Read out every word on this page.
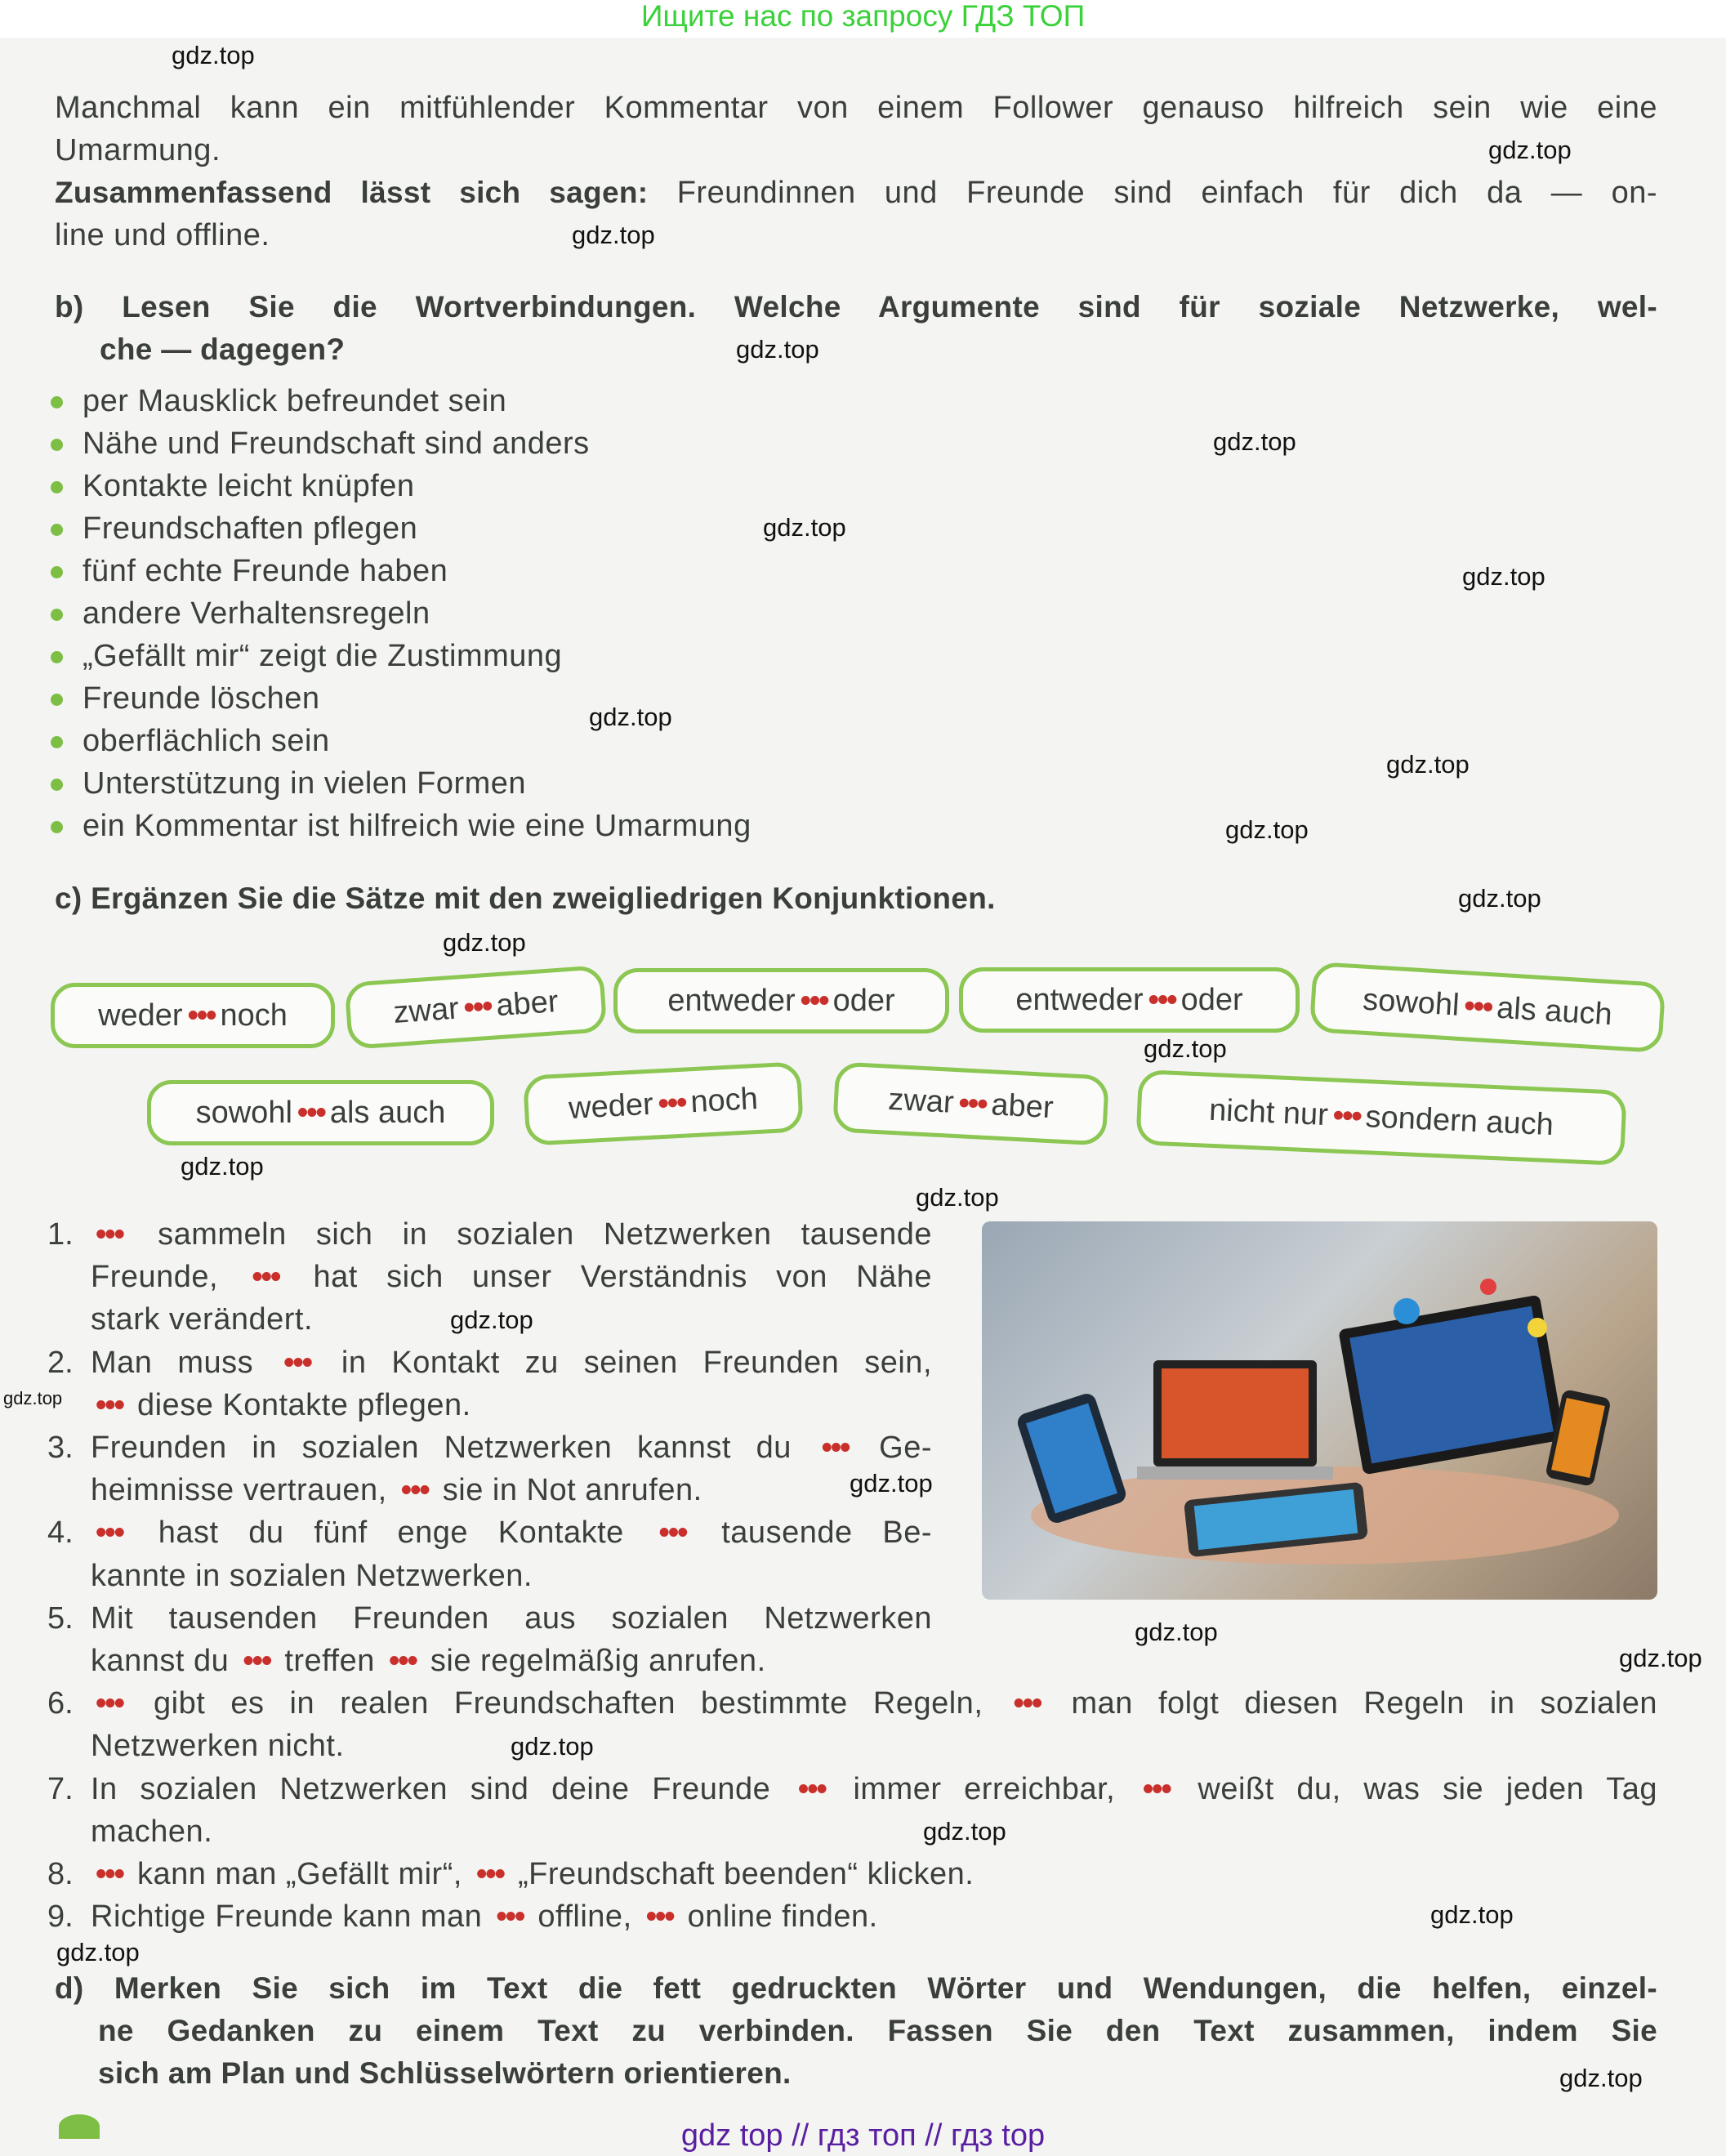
Ищите нас по запросу ГДЗ ТОП
Manchmal kann ein mitfühlender Kommentar von einem Follower genauso hilfreich sein wie eine
Umarmung.
Zusammenfassend lässt sich sagen: Freundinnen und Freunde sind einfach für dich da — on-
line und offline.
b) Lesen Sie die Wortverbindungen. Welche Argumente sind für soziale Netzwerke, wel-
che — dagegen?
per Mausklick befreundet sein
Nähe und Freundschaft sind anders
Kontakte leicht knüpfen
Freundschaften pflegen
fünf echte Freunde haben
andere Verhaltensregeln
„Gefällt mir“ zeigt die Zustimmung
Freunde löschen
oberflächlich sein
Unterstützung in vielen Formen
ein Kommentar ist hilfreich wie eine Umarmung
c) Ergänzen Sie die Sätze mit den zweigliedrigen Konjunktionen.
weder ••• noch	zwar ••• aber	entweder ••• oder	entweder ••• oder	sowohl ••• als auch
sowohl ••• als auch	weder ••• noch	zwar ••• aber	nicht nur ••• sondern auch
1. ••• sammeln sich in sozialen Netzwerken tausende
Freunde, ••• hat sich unser Verständnis von Nähe
stark verändert.
2. Man muss ••• in Kontakt zu seinen Freunden sein,
••• diese Kontakte pflegen.
3. Freunden in sozialen Netzwerken kannst du ••• Ge-
heimnisse vertrauen, ••• sie in Not anrufen.
4. ••• hast du fünf enge Kontakte ••• tausende Be-
kannte in sozialen Netzwerken.
5. Mit tausenden Freunden aus sozialen Netzwerken
kannst du ••• treffen ••• sie regelmäßig anrufen.
6. ••• gibt es in realen Freundschaften bestimmte Regeln, ••• man folgt diesen Regeln in sozialen
Netzwerken nicht.
7. In sozialen Netzwerken sind deine Freunde ••• immer erreichbar, ••• weißt du, was sie jeden Tag
machen.
8. ••• kann man „Gefällt mir“, ••• „Freundschaft beenden“ klicken.
9. Richtige Freunde kann man ••• offline, ••• online finden.
d) Merken Sie sich im Text die fett gedruckten Wörter und Wendungen, die helfen, einzel-
ne Gedanken zu einem Text zu verbinden. Fassen Sie den Text zusammen, indem Sie
sich am Plan und Schlüsselwörtern orientieren.
gdz top // гдз топ // гдз top
gdz.top
gdz.top
gdz.top
gdz.top
gdz.top
gdz.top
gdz.top
gdz.top
gdz.top
gdz.top
gdz.top
gdz.top
gdz.top
gdz.top
gdz.top
gdz.top
gdz.top
gdz.top
gdz.top
gdz.top
gdz.top
gdz.top
gdz.top
gdz.top
gdz.top
